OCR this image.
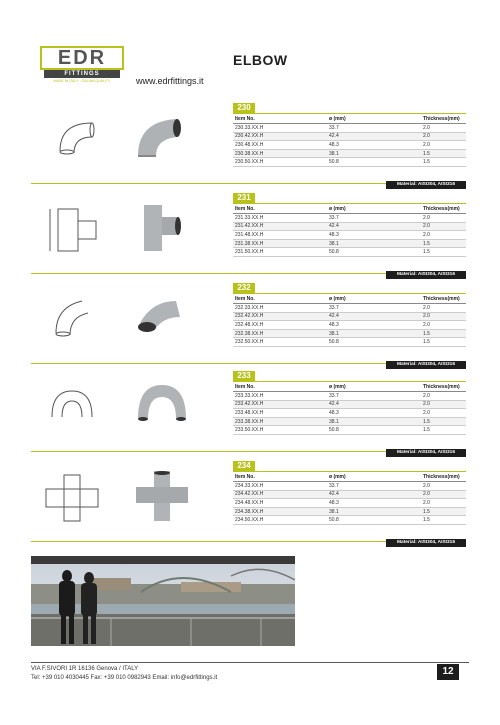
EDR
FITTINGS
MADE IN ITALY · ITALIAN QUALITY	www.edrfittings.it
ELBOW
230
Item No.	ø (mm)	Thickness(mm)
230.33.XX.H	33.7	2.0
230.42.XX.H	42.4	2.0
230.48.XX.H	48.3	2.0
230.38.XX.H	38.1	1.5
230.50.XX.H	50.8	1.5
Material: AISI304, AISI316
231
Item No.	ø (mm)	Thickness(mm)
231.33.XX.H	33.7	2.0
231.42.XX.H	42.4	2.0
231.48.XX.H	48.3	2.0
231.38.XX.H	38.1	1.5
231.50.XX.H	50.8	1.5
Material: AISI304, AISI316
232
Item No.	ø (mm)	Thickness(mm)
232.33.XX.H	33.7	2.0
232.42.XX.H	42.4	2.0
232.48.XX.H	48.3	2.0
232.38.XX.H	38.1	1.5
232.50.XX.H	50.8	1.5
Material: AISI304, AISI316
233
Item No.	ø (mm)	Thickness(mm)
233.33.XX.H	33.7	2.0
233.42.XX.H	42.4	2.0
233.48.XX.H	48.3	2.0
233.38.XX.H	38.1	1.5
233.50.XX.H	50.8	1.5
Material: AISI304, AISI316
234
Item No.	ø (mm)	Thickness(mm)
234.33.XX.H	33.7	2.0
234.42.XX.H	42.4	2.0
234.48.XX.H	48.3	2.0
234.38.XX.H	38.1	1.5
234.50.XX.H	50.8	1.5
Material: AISI304, AISI316
VIA F.SIVORI 1R 16136 Genova / ITALY
Tel: +39 010 4030445 Fax: +39 010 0982943 Email: info@edrfittings.it
12
